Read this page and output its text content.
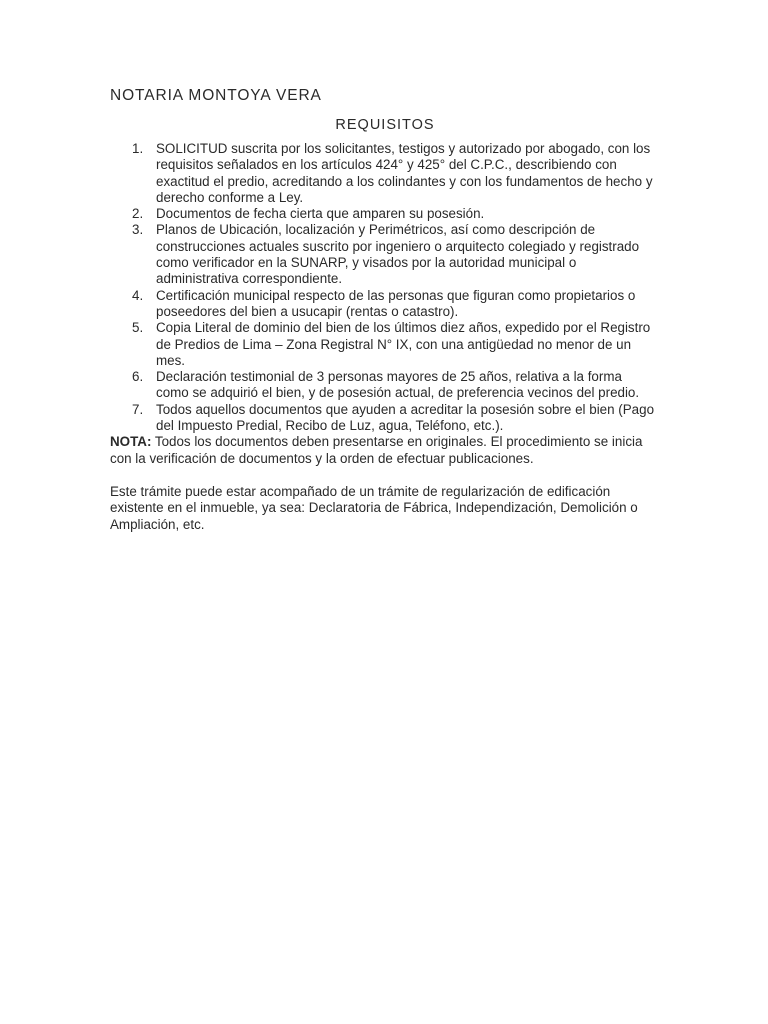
NOTARIA MONTOYA VERA
REQUISITOS
1. SOLICITUD suscrita por los solicitantes, testigos y autorizado por abogado, con los requisitos señalados en los artículos 424° y 425° del C.P.C., describiendo con exactitud el predio, acreditando a los colindantes y con los fundamentos de hecho y derecho conforme a Ley.
2. Documentos de fecha cierta que amparen su posesión.
3. Planos de Ubicación, localización y Perimétricos, así como descripción de construcciones actuales suscrito por ingeniero o arquitecto colegiado y registrado como verificador en la SUNARP, y visados por la autoridad municipal o administrativa correspondiente.
4. Certificación municipal respecto de las personas que figuran como propietarios o poseedores del bien a usucapir (rentas o catastro).
5. Copia Literal de dominio del bien de los últimos diez años, expedido por el Registro de Predios de Lima – Zona Registral N° IX, con una antigüedad no menor de un mes.
6. Declaración testimonial de 3 personas mayores de 25 años, relativa a la forma como se adquirió el bien, y de posesión actual, de preferencia vecinos del predio.
7. Todos aquellos documentos que ayuden a acreditar la posesión sobre el bien (Pago del Impuesto Predial, Recibo de Luz, agua, Teléfono, etc.).

NOTA: Todos los documentos deben presentarse en originales. El procedimiento se inicia con la verificación de documentos y la orden de efectuar publicaciones.

Este trámite puede estar acompañado de un trámite de regularización de edificación existente en el inmueble, ya sea: Declaratoria de Fábrica, Independización, Demolición o Ampliación, etc.
